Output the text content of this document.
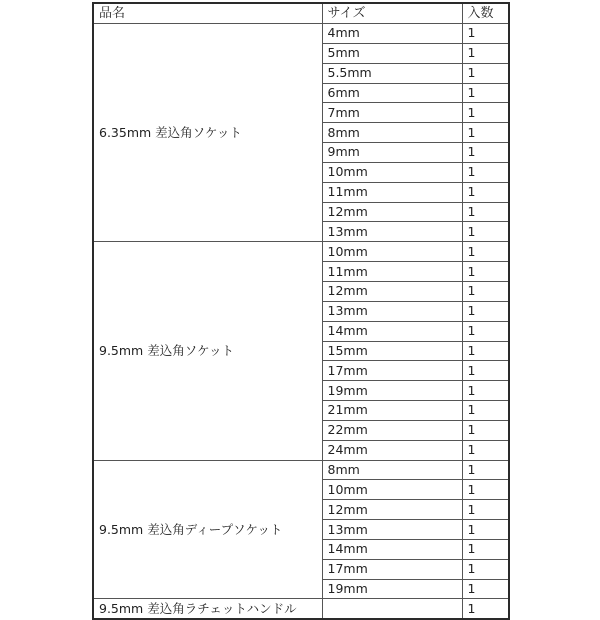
品名	サイズ	入数
6.35mm 差込角ソケット	4mm	1
	5mm	1
	5.5mm	1
	6mm	1
	7mm	1
	8mm	1
	9mm	1
	10mm	1
	11mm	1
	12mm	1
	13mm	1
9.5mm 差込角ソケット	10mm	1
	11mm	1
	12mm	1
	13mm	1
	14mm	1
	15mm	1
	17mm	1
	19mm	1
	21mm	1
	22mm	1
	24mm	1
9.5mm 差込角ディープソケット	8mm	1
	10mm	1
	12mm	1
	13mm	1
	14mm	1
	17mm	1
	19mm	1
9.5mm 差込角ラチェットハンドル		1
